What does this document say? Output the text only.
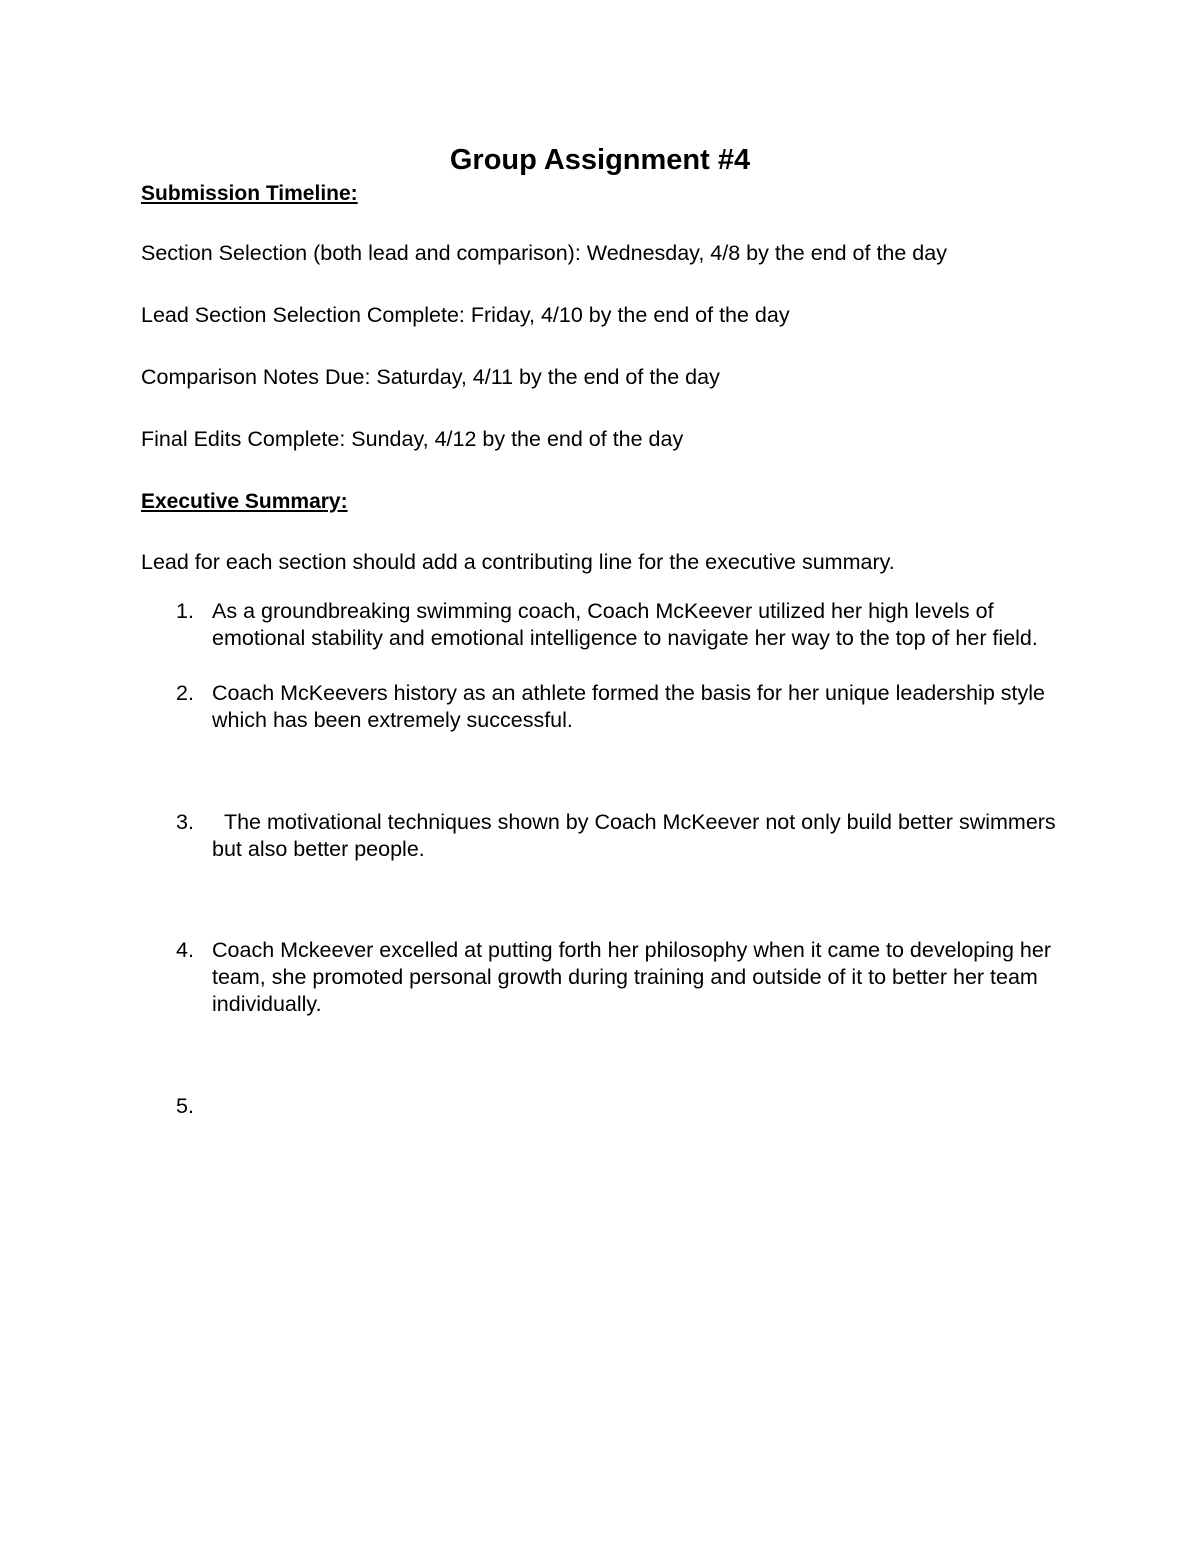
Group Assignment #4
Submission Timeline:
Section Selection (both lead and comparison): Wednesday, 4/8 by the end of the day
Lead Section Selection Complete: Friday, 4/10 by the end of the day
Comparison Notes Due: Saturday, 4/11 by the end of the day
Final Edits Complete: Sunday, 4/12 by the end of the day
Executive Summary:
Lead for each section should add a contributing line for the executive summary.
1. As a groundbreaking swimming coach, Coach McKeever utilized her high levels of emotional stability and emotional intelligence to navigate her way to the top of her field.
2. Coach McKeevers history as an athlete formed the basis for her unique leadership style which has been extremely successful.
3. The motivational techniques shown by Coach McKeever not only build better swimmers but also better people.
4. Coach Mckeever excelled at putting forth her philosophy when it came to developing her team, she promoted personal growth during training and outside of it to better her team individually.
5.
